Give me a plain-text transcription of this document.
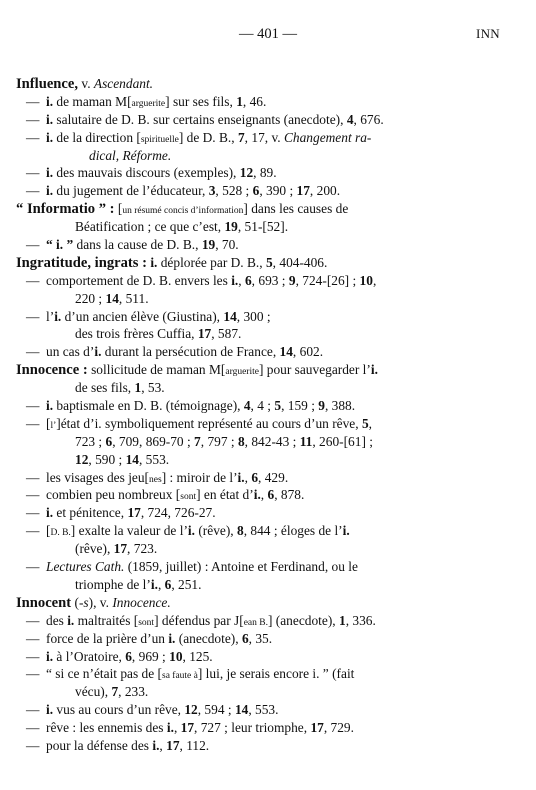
— 401 —	INN
Influence, v. Ascendant.
— i. de maman M[arguerite] sur ses fils, 1, 46.
— i. salutaire de D. B. sur certains enseignants (anecdote), 4, 676.
— i. de la direction [spirituelle] de D. B., 7, 17, v. Changement ra-
dical, Réforme.
— i. des mauvais discours (exemples), 12, 89.
— i. du jugement de l’éducateur, 3, 528 ; 6, 390 ; 17, 200.
“ Informatio ” : [un résumé concis d’information] dans les causes de
Béatification ; ce que c’est, 19, 51-[52].
— “ i. ” dans la cause de D. B., 19, 70.
Ingratitude, ingrats : i. déplorée par D. B., 5, 404-406.
— comportement de D. B. envers les i., 6, 693 ; 9, 724-[26] ; 10,
220 ; 14, 511.
— l’i. d’un ancien élève (Giustina), 14, 300 ;
des trois frères Cuffia, 17, 587.
— un cas d’i. durant la persécution de France, 14, 602.
Innocence : sollicitude de maman M[arguerite] pour sauvegarder l’i.
de ses fils, 1, 53.
— i. baptismale en D. B. (témoignage), 4, 4 ; 5, 159 ; 9, 388.
— [l’]état d’i. symboliquement représenté au cours d’un rêve, 5,
723 ; 6, 709, 869-70 ; 7, 797 ; 8, 842-43 ; 11, 260-[61] ;
12, 590 ; 14, 553.
— les visages des jeu[nes] : miroir de l’i., 6, 429.
— combien peu nombreux [sont] en état d’i., 6, 878.
— i. et pénitence, 17, 724, 726-27.
— [D. B.] exalte la valeur de l’i. (rêve), 8, 844 ; éloges de l’i.
(rêve), 17, 723.
— Lectures Cath. (1859, juillet) : Antoine et Ferdinand, ou le
triomphe de l’i., 6, 251.
Innocent (-s), v. Innocence.
— des i. maltraités [sont] défendus par J[ean B.] (anecdote), 1, 336.
— force de la prière d’un i. (anecdote), 6, 35.
— i. à l’Oratoire, 6, 969 ; 10, 125.
— “ si ce n’était pas de [sa faute à] lui, je serais encore i. ” (fait
vécu), 7, 233.
— i. vus au cours d’un rêve, 12, 594 ; 14, 553.
— rêve : les ennemis des i., 17, 727 ; leur triomphe, 17, 729.
— pour la défense des i., 17, 112.
